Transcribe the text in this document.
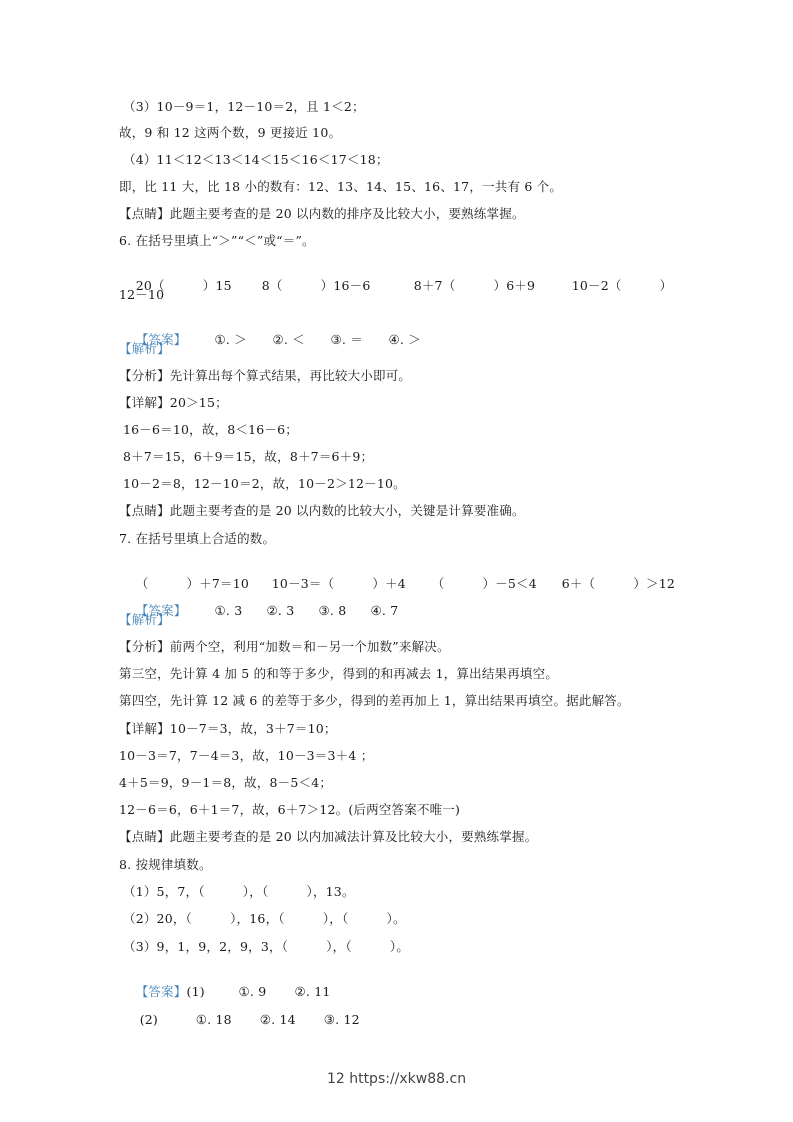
（3）10－9＝1，12－10＝2，且 1＜2；
故，9 和 12 这两个数，9 更接近 10。
（4）11＜12＜13＜14＜15＜16＜17＜18；
即，比 11 大，比 18 小的数有：12、13、14、15、16、17，一共有 6 个。
【点睛】此题主要考查的是 20 以内数的排序及比较大小，要熟练掌握。
6. 在括号里填上“＞”“＜”或“＝”。

20（　　　）15 8（　　　）16－6	8＋7（　　　）6＋9	10－2（　　　）

12－10

【答案】 ①. ＞ ②. ＜ ③. ＝ ④. ＞

【解析】
【分析】先计算出每个算式结果，再比较大小即可。
【详解】20＞15；
16－6＝10，故，8＜16－6；
8＋7＝15，6＋9＝15，故，8＋7＝6＋9；
10－2＝8，12－10＝2，故，10－2＞12－10。
【点睛】此题主要考查的是 20 以内数的比较大小，关键是计算要准确。
7. 在括号里填上合适的数。

（　　　）＋7＝10 10－3＝（　　　）＋4 （　　　）－5＜4 6＋（　　　）＞12

【答案】 ①. 3 ②. 3 ③. 8 ④. 7

【解析】
【分析】前两个空，利用“加数＝和－另一个加数”来解决。
第三空，先计算 4 加 5 的和等于多少，得到的和再减去 1，算出结果再填空。
第四空，先计算 12 减 6 的差等于多少，得到的差再加上 1，算出结果再填空。据此解答。
【详解】10－7＝3，故，3＋7＝10；
10－3＝7，7－4＝3，故，10－3＝3＋4 ；
4＋5＝9，9－1＝8，故，8－5＜4；
12－6＝6，6＋1＝7，故，6＋7＞12。(后两空答案不唯一)
【点睛】此题主要考查的是 20 以内加减法计算及比较大小，要熟练掌握。
8. 按规律填数。
（1）5，7，（　　　），（　　　），13。
（2）20，（　　　），16，（　　　），（　　　）。
（3）9，1，9，2，9，3，（　　　），（　　　）。

【答案】(1)	①. 9 ②. 11

(2)	①. 18 ②. 14 ③. 12

12 https://xkw88.cn
